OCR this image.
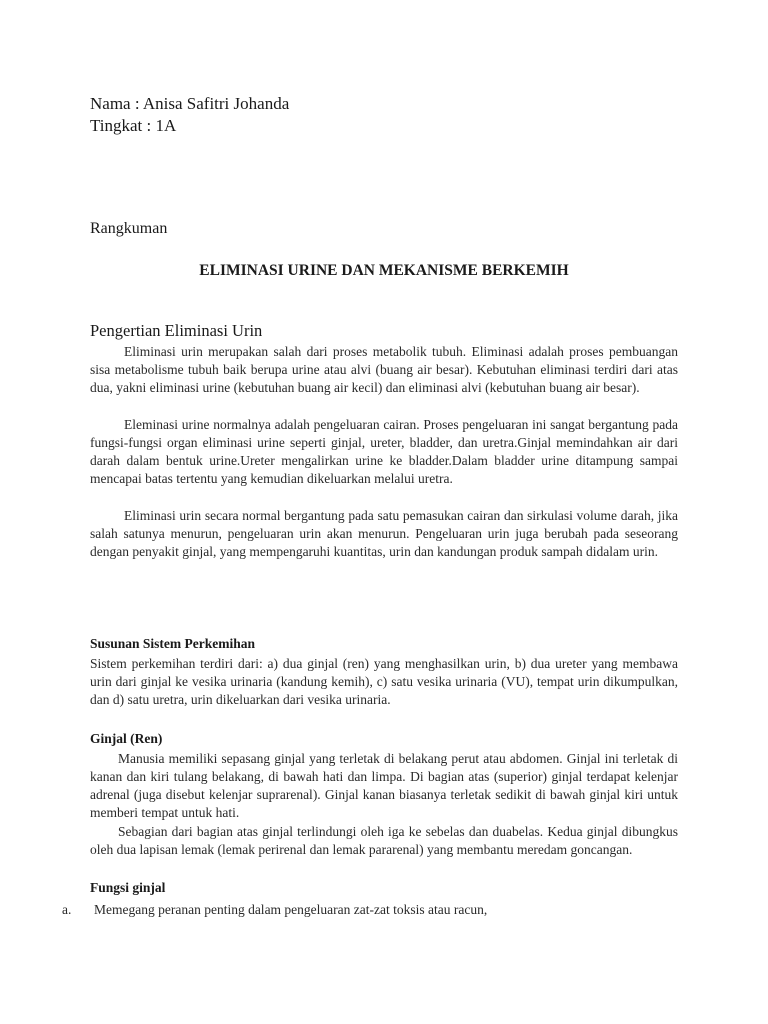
Nama : Anisa Safitri Johanda

Tingkat : 1A

Rangkuman

ELIMINASI URINE DAN MEKANISME BERKEMIH

Pengertian Eliminasi Urin

Eliminasi urin merupakan salah dari proses metabolik tubuh. Eliminasi adalah proses pembuangan sisa metabolisme tubuh baik berupa urine atau alvi (buang air besar). Kebutuhan eliminasi terdiri dari atas dua, yakni eliminasi urine (kebutuhan buang air kecil) dan eliminasi alvi (kebutuhan buang air besar).

Eleminasi urine normalnya adalah pengeluaran cairan. Proses pengeluaran ini sangat bergantung pada fungsi-fungsi organ eliminasi urine seperti ginjal, ureter, bladder, dan uretra.Ginjal memindahkan air dari darah dalam bentuk urine.Ureter mengalirkan urine ke bladder.Dalam bladder urine ditampung sampai mencapai batas tertentu yang kemudian dikeluarkan melalui uretra.

Eliminasi urin secara normal bergantung pada satu pemasukan cairan dan sirkulasi volume darah, jika salah satunya menurun, pengeluaran urin akan menurun. Pengeluaran urin juga berubah pada seseorang dengan penyakit ginjal, yang mempengaruhi kuantitas, urin dan kandungan produk sampah didalam urin.

Susunan Sistem Perkemihan

Sistem perkemihan terdiri dari: a) dua ginjal (ren) yang menghasilkan urin, b) dua ureter yang membawa urin dari ginjal ke vesika urinaria (kandung kemih), c) satu vesika urinaria (VU), tempat urin dikumpulkan, dan d) satu uretra, urin dikeluarkan dari vesika urinaria.

Ginjal (Ren)

Manusia memiliki sepasang ginjal yang terletak di belakang perut atau abdomen. Ginjal ini terletak di kanan dan kiri tulang belakang, di bawah hati dan limpa. Di bagian atas (superior) ginjal terdapat kelenjar adrenal (juga disebut kelenjar suprarenal). Ginjal kanan biasanya terletak sedikit di bawah ginjal kiri untuk memberi tempat untuk hati.

Sebagian dari bagian atas ginjal terlindungi oleh iga ke sebelas dan duabelas. Kedua ginjal dibungkus oleh dua lapisan lemak (lemak perirenal dan lemak pararenal) yang membantu meredam goncangan.

Fungsi ginjal

a. Memegang peranan penting dalam pengeluaran zat-zat toksis atau racun,
